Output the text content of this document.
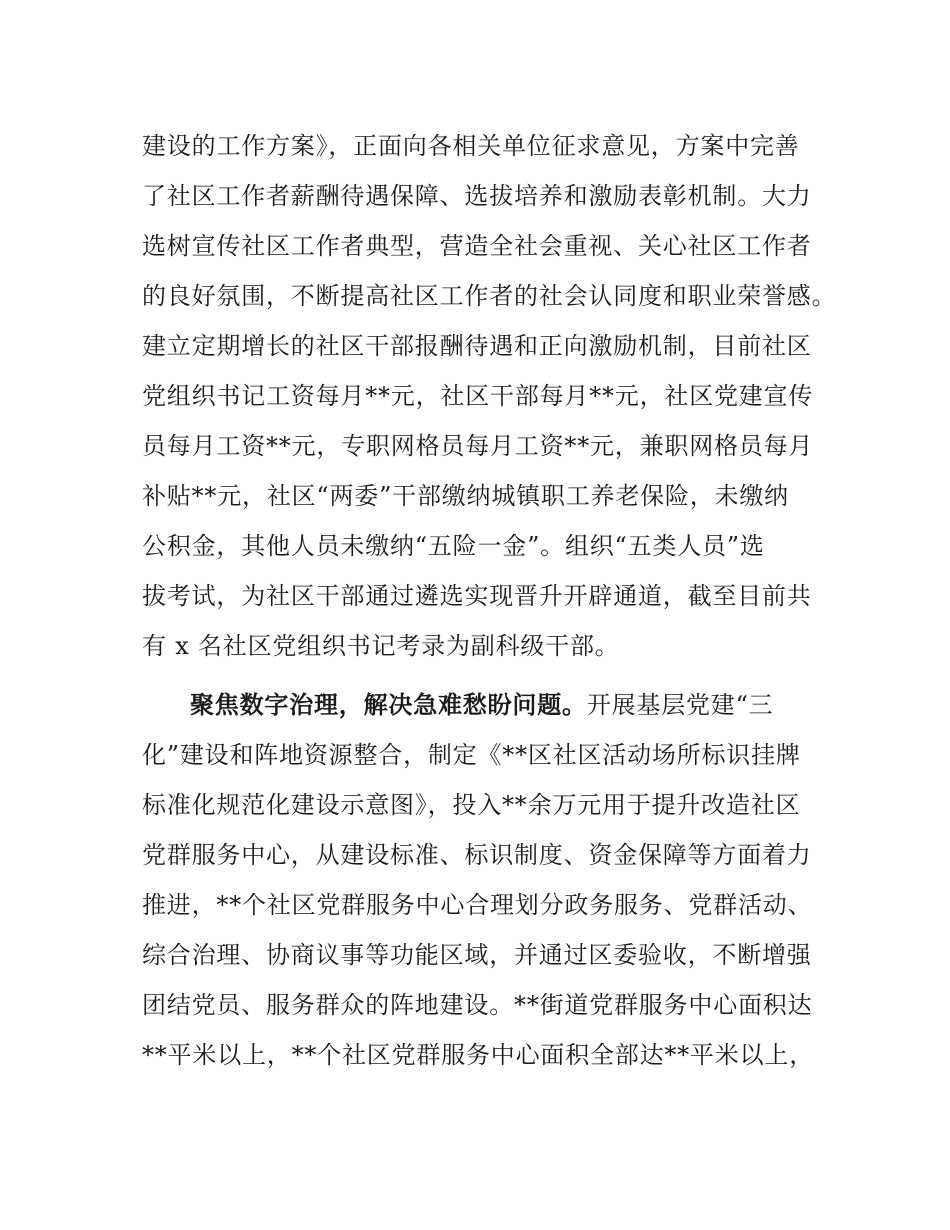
建设的工作方案》，正面向各相关单位征求意见，方案中完善
了社区工作者薪酬待遇保障、选拔培养和激励表彰机制。大力
选树宣传社区工作者典型，营造全社会重视、关心社区工作者
的良好氛围，不断提高社区工作者的社会认同度和职业荣誉感。
建立定期增长的社区干部报酬待遇和正向激励机制，目前社区
党组织书记工资每月**元，社区干部每月**元，社区党建宣传
员每月工资**元，专职网格员每月工资**元，兼职网格员每月
补贴**元，社区“两委”干部缴纳城镇职工养老保险，未缴纳
公积金，其他人员未缴纳“五险一金”。组织“五类人员”选
拔考试，为社区干部通过遴选实现晋升开辟通道，截至目前共
有 x 名社区党组织书记考录为副科级干部。
聚焦数字治理，解决急难愁盼问题。开展基层党建“三
化”建设和阵地资源整合，制定《**区社区活动场所标识挂牌
标准化规范化建设示意图》，投入**余万元用于提升改造社区
党群服务中心，从建设标准、标识制度、资金保障等方面着力
推进，**个社区党群服务中心合理划分政务服务、党群活动、
综合治理、协商议事等功能区域，并通过区委验收，不断增强
团结党员、服务群众的阵地建设。**街道党群服务中心面积达
**平米以上，**个社区党群服务中心面积全部达**平米以上，
